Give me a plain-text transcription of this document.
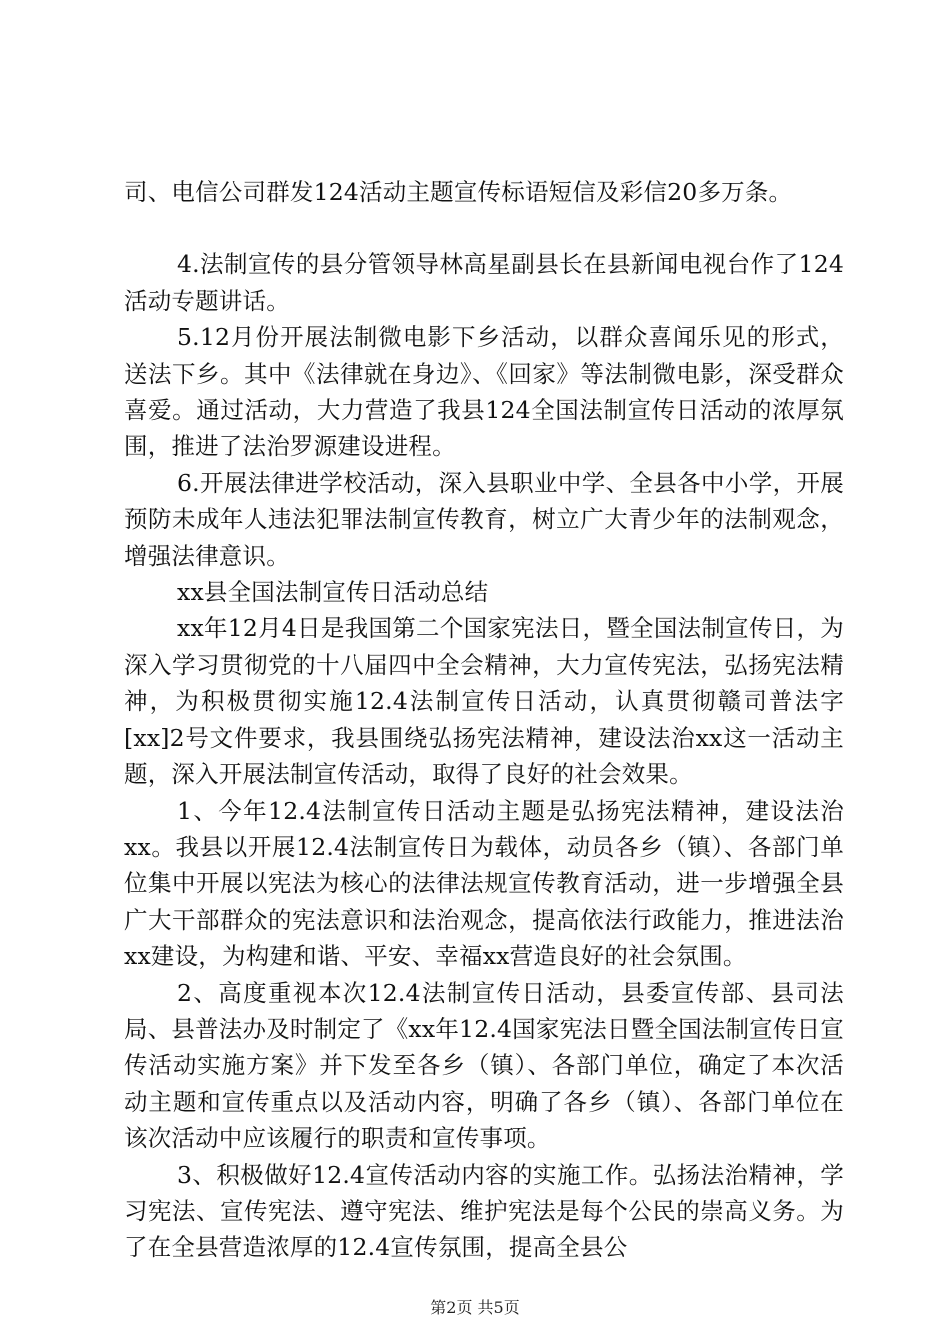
司、电信公司群发124活动主题宣传标语短信及彩信20多万条。

4.法制宣传的县分管领导林高星副县长在县新闻电视台作了124活动专题讲话。

5.12月份开展法制微电影下乡活动，以群众喜闻乐见的形式，送法下乡。其中《法律就在身边》、《回家》等法制微电影，深受群众喜爱。通过活动，大力营造了我县124全国法制宣传日活动的浓厚氛围，推进了法治罗源建设进程。

6.开展法律进学校活动，深入县职业中学、全县各中小学，开展预防未成年人违法犯罪法制宣传教育，树立广大青少年的法制观念，增强法律意识。

xx县全国法制宣传日活动总结

xx年12月4日是我国第二个国家宪法日，暨全国法制宣传日，为深入学习贯彻党的十八届四中全会精神，大力宣传宪法，弘扬宪法精神，为积极贯彻实施12.4法制宣传日活动，认真贯彻赣司普法字[xx]2号文件要求，我县围绕弘扬宪法精神，建设法治xx这一活动主题，深入开展法制宣传活动，取得了良好的社会效果。

1、今年12.4法制宣传日活动主题是弘扬宪法精神，建设法治xx。我县以开展12.4法制宣传日为载体，动员各乡（镇）、各部门单位集中开展以宪法为核心的法律法规宣传教育活动，进一步增强全县广大干部群众的宪法意识和法治观念，提高依法行政能力，推进法治xx建设，为构建和谐、平安、幸福xx营造良好的社会氛围。

2、高度重视本次12.4法制宣传日活动，县委宣传部、县司法局、县普法办及时制定了《xx年12.4国家宪法日暨全国法制宣传日宣传活动实施方案》并下发至各乡（镇）、各部门单位，确定了本次活动主题和宣传重点以及活动内容，明确了各乡（镇）、各部门单位在该次活动中应该履行的职责和宣传事项。

3、积极做好12.4宣传活动内容的实施工作。弘扬法治精神，学习宪法、宣传宪法、遵守宪法、维护宪法是每个公民的崇高义务。为了在全县营造浓厚的12.4宣传氛围，提高全县公

第2页 共5页
